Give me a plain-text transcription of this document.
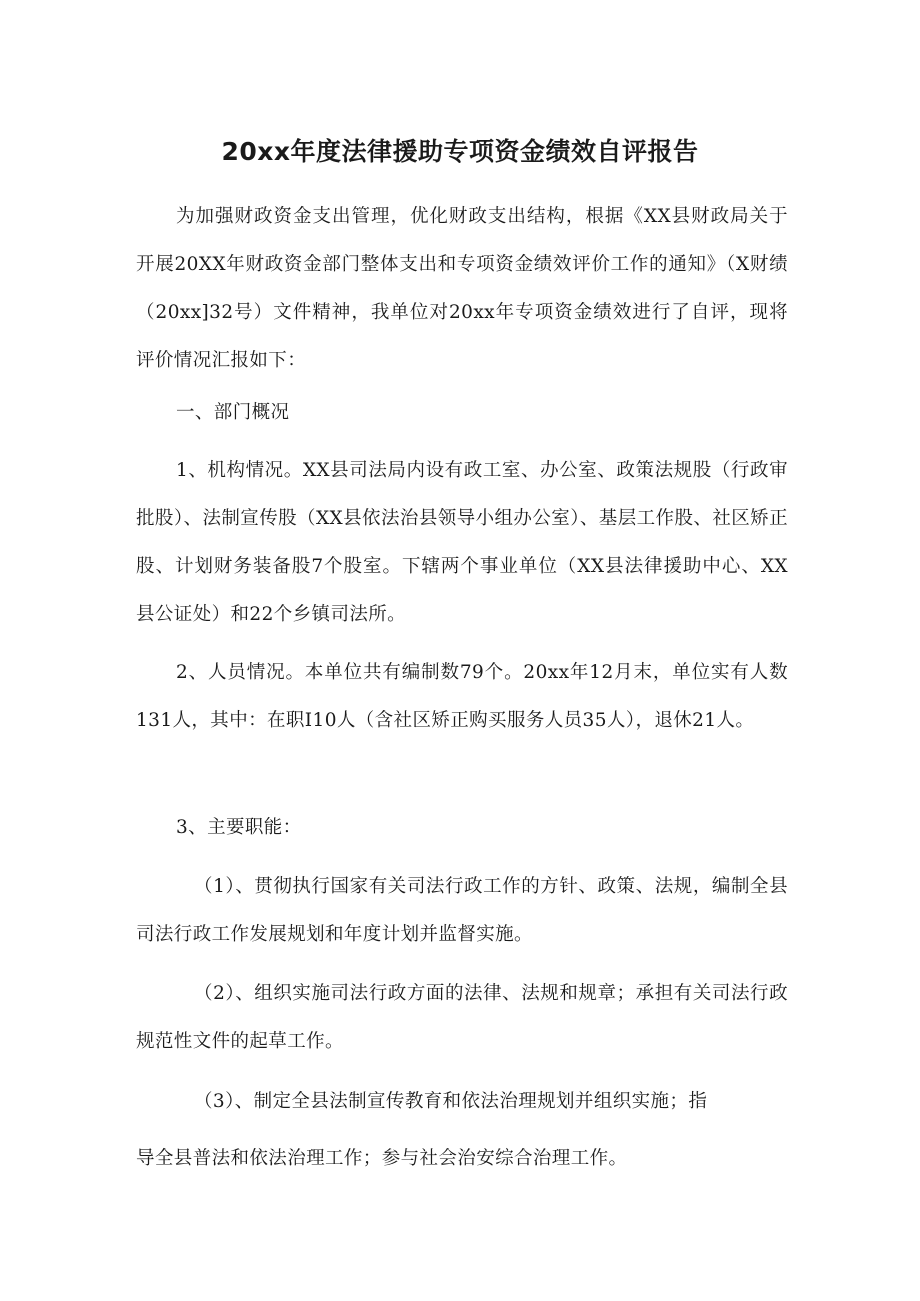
20xx年度法律援助专项资金绩效自评报告

为加强财政资金支出管理，优化财政支出结构，根据《XX县财政局关于开展20XX年财政资金部门整体支出和专项资金绩效评价工作的通知》（X财绩（20xx]32号）文件精神，我单位对20xx年专项资金绩效进行了自评，现将评价情况汇报如下：

一、部门概况

1、机构情况。XX县司法局内设有政工室、办公室、政策法规股（行政审批股）、法制宣传股（XX县依法治县领导小组办公室）、基层工作股、社区矫正股、计划财务装备股7个股室。下辖两个事业单位（XX县法律援助中心、XX县公证处）和22个乡镇司法所。

2、人员情况。本单位共有编制数79个。20xx年12月末，单位实有人数131人，其中：在职I10人（含社区矫正购买服务人员35人），退休21人。

3、主要职能：

（1）、贯彻执行国家有关司法行政工作的方针、政策、法规，编制全县司法行政工作发展规划和年度计划并监督实施。

（2）、组织实施司法行政方面的法律、法规和规章；承担有关司法行政规范性文件的起草工作。

（3）、制定全县法制宣传教育和依法治理规划并组织实施；指

导全县普法和依法治理工作；参与社会治安综合治理工作。
